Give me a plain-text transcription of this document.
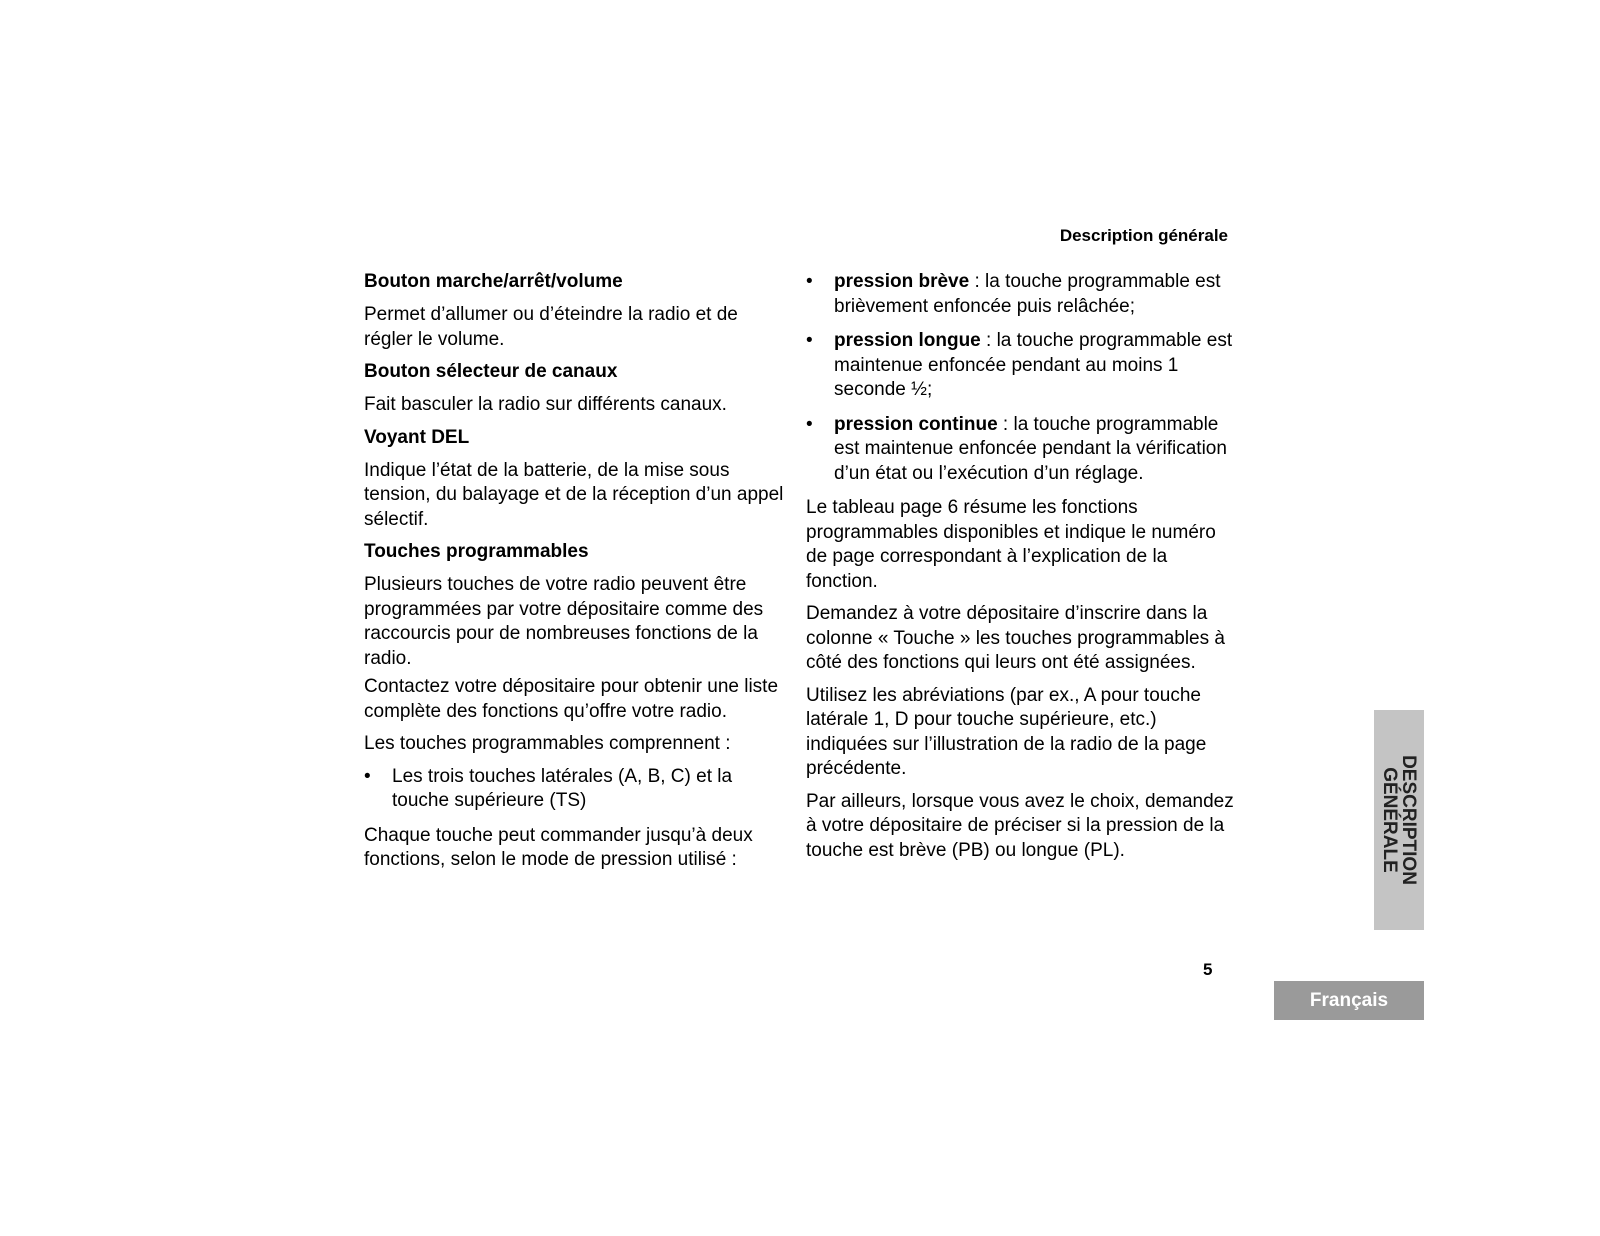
Description générale
Bouton marche/arrêt/volume

Permet d’allumer ou d’éteindre la radio et de régler le volume.

Bouton sélecteur de canaux

Fait basculer la radio sur différents canaux.

Voyant DEL

Indique l’état de la batterie, de la mise sous tension, du balayage et de la réception d’un appel sélectif.

Touches programmables

Plusieurs touches de votre radio peuvent être programmées par votre dépositaire comme des raccourcis pour de nombreuses fonctions de la radio.

Contactez votre dépositaire pour obtenir une liste complète des fonctions qu’offre votre radio.

Les touches programmables comprennent :

• Les trois touches latérales (A, B, C) et la touche supérieure (TS)

Chaque touche peut commander jusqu’à deux fonctions, selon le mode de pression utilisé :

• pression brève : la touche programmable est brièvement enfoncée puis relâchée;
• pression longue : la touche programmable est maintenue enfoncée pendant au moins 1 seconde ½;
• pression continue : la touche programmable est maintenue enfoncée pendant la vérification d’un état ou l’exécution d’un réglage.

Le tableau page 6 résume les fonctions programmables disponibles et indique le numéro de page correspondant à l’explication de la fonction.

Demandez à votre dépositaire d’inscrire dans la colonne « Touche » les touches programmables à côté des fonctions qui leurs ont été assignées.

Utilisez les abréviations (par ex., A pour touche latérale 1, D pour touche supérieure, etc.) indiquées sur l’illustration de la radio de la page précédente.

Par ailleurs, lorsque vous avez le choix, demandez à votre dépositaire de préciser si la pression de la touche est brève (PB) ou longue (PL).	DESCRIPTION
GÉNÉRALE
5
Français
